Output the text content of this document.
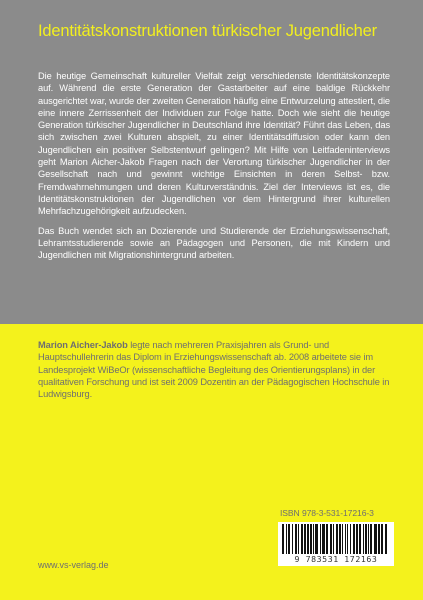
Identitätskonstruktionen türkischer Jugendlicher

Die heutige Gemeinschaft kultureller Vielfalt zeigt verschiedenste Identitätskonzepte auf. Während die erste Generation der Gastarbeiter auf eine baldige Rückkehr ausgerichtet war, wurde der zweiten Generation häufig eine Entwurzelung attestiert, die eine innere Zerrissenheit der Individuen zur Folge hatte. Doch wie sieht die heutige Generation türkischer Jugendlicher in Deutschland ihre Identität? Führt das Leben, das sich zwischen zwei Kulturen abspielt, zu einer Identitätsdiffusion oder kann den Jugendlichen ein positiver Selbstentwurf gelingen? Mit Hilfe von Leitfadeninterviews geht Marion Aicher-Jakob Fragen nach der Verortung türkischer Jugendlicher in der Gesellschaft nach und gewinnt wichtige Einsichten in deren Selbst- bzw. Fremdwahrnehmungen und deren Kulturverständnis. Ziel der Interviews ist es, die Identitätskonstruktionen der Jugendlichen vor dem Hintergrund ihrer kulturellen Mehrfachzugehörigkeit aufzudecken.

Das Buch wendet sich an Dozierende und Studierende der Erziehungswissenschaft, Lehramtsstudierende sowie an Pädagogen und Personen, die mit Kindern und Jugendlichen mit Migrationshintergrund arbeiten.

Marion Aicher-Jakob legte nach mehreren Praxisjahren als Grund- und Hauptschullehrerin das Diplom in Erziehungswissenschaft ab. 2008 arbeitete sie im Landesprojekt WiBeOr (wissenschaftliche Begleitung des Orientierungsplans) in der qualitativen Forschung und ist seit 2009 Dozentin an der Pädagogischen Hochschule in Ludwigsburg.
ISBN 978-3-531-17216-3
9 783531 172163
www.vs-verlag.de
